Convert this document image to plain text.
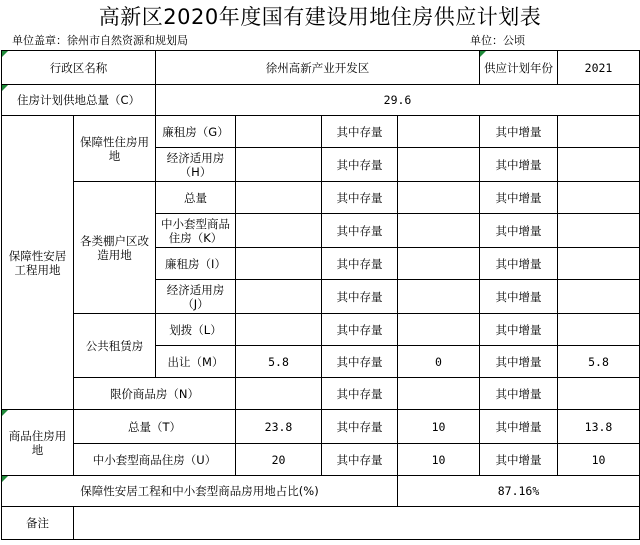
高新区2020年度国有建设用地住房供应计划表
单位盖章：徐州市自然资源和规划局	单位：公顷
行政区名称		徐州高新产业开发区				供应计划年份	2021
住房计划供地总量（C）		29.6					
保障性安居工程用地	保障性住房用地	廉租房（G）		其中存量		其中增量	
		经济适用房（H）		其中存量		其中增量	
	各类棚户区改造用地	总量		其中存量		其中增量	
		中小套型商品住房（K）		其中存量		其中增量	
		廉租房（I）		其中存量		其中增量	
		经济适用房（J）		其中存量		其中增量	
	公共租赁房	划拨（L）		其中存量		其中增量	
		出让（M）	5.8	其中存量	0	其中增量	5.8
	限价商品房（N）			其中存量		其中增量	
商品住房用地	总量（T）		23.8	其中存量	10	其中增量	13.8
	中小套型商品住房（U）		20	其中存量	10	其中增量	10
保障性安居工程和中小套型商品房用地占比(%)					87.16%		
备注							
